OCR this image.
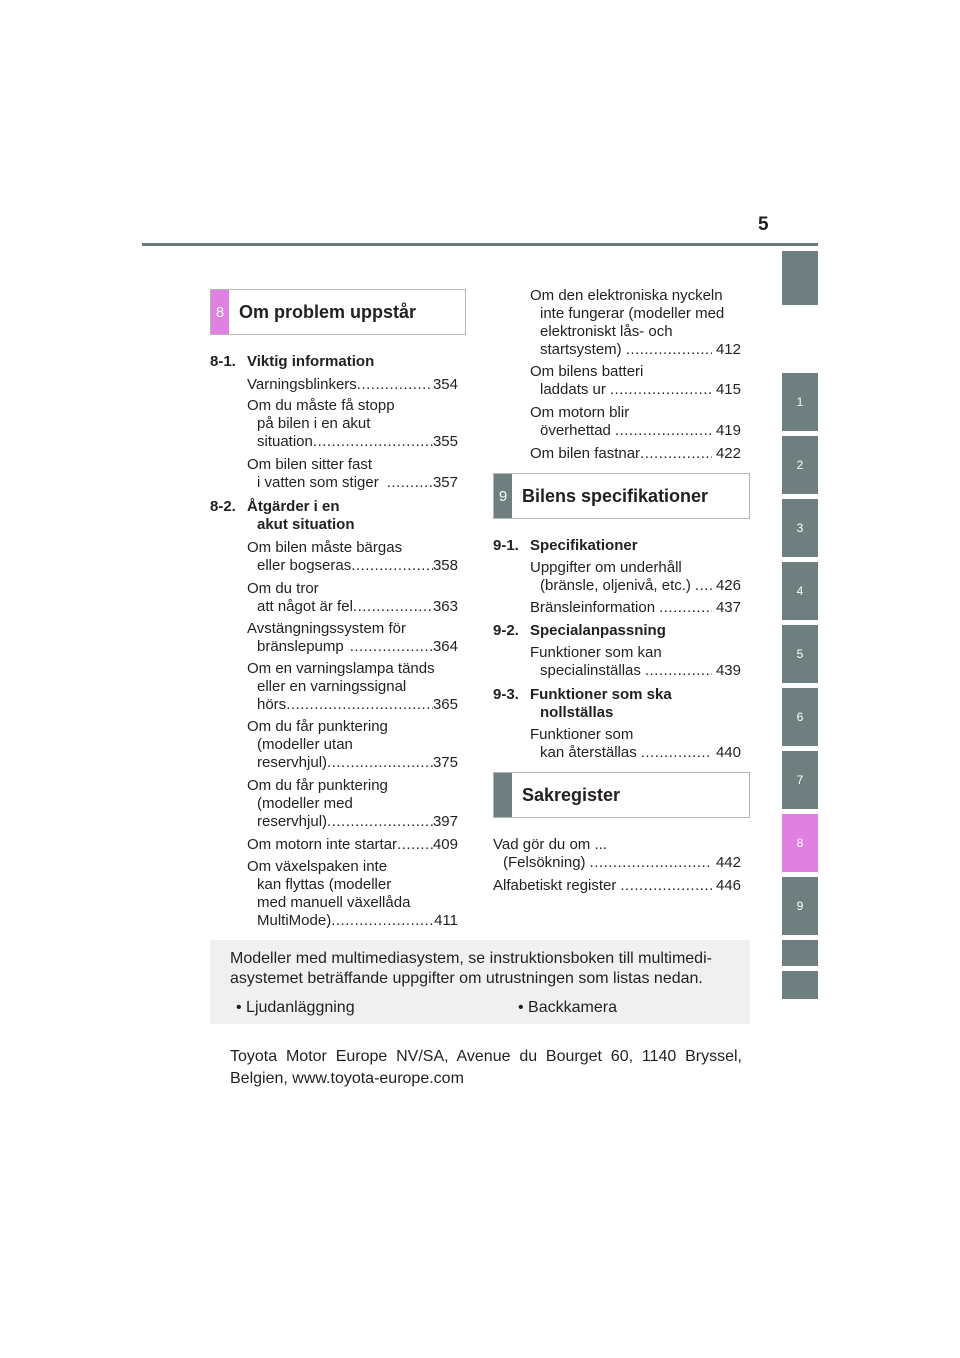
5
1
2
3
4
5
6
7
8
9
8 Om problem uppstår
8-1. Viktig information
Varningsblinkers .....	354
Om du måste få stopp
på bilen i en akut
situation .....	355
Om bilen sitter fast
i vatten som stiger .....	357
8-2. Åtgärder i en
akut situation
Om bilen måste bärgas
eller bogseras .....	358
Om du tror
att något är fel .....	363
Avstängningssystem för
bränslepump .....	364
Om en varningslampa tänds
eller en varningssignal
hörs .....	365
Om du får punktering
(modeller utan
reservhjul) .....	375
Om du får punktering
(modeller med
reservhjul) .....	397
Om motorn inte startar ..... 409
Om växelspaken inte
kan flyttas (modeller
med manuell växellåda
MultiMode) .....	411
Om den elektroniska nyckeln
inte fungerar (modeller med
elektroniskt lås- och
startsystem) .....	412
Om bilens batteri
laddats ur .....	415
Om motorn blir
överhettad .....	419
Om bilen fastnar .....	422
9 Bilens specifikationer
9-1. Specifikationer
Uppgifter om underhåll
(bränsle, oljenivå, etc.) ..... 426
Bränsleinformation .....	437
9-2. Specialanpassning
Funktioner som kan
specialinställas .....	439
9-3. Funktioner som ska
nollställas
Funktioner som
kan återställas .....	440
Sakregister
Vad gör du om ...
(Felsökning) .....	442
Alfabetiskt register .....	446
Modeller med multimediasystem, se instruktionsboken till multimedi-
asystemet beträffande uppgifter om utrustningen som listas nedan.
• Ljudanläggning	• Backkamera
Toyota Motor Europe NV/SA, Avenue du Bourget 60, 1140 Bryssel,
Belgien, www.toyota-europe.com
